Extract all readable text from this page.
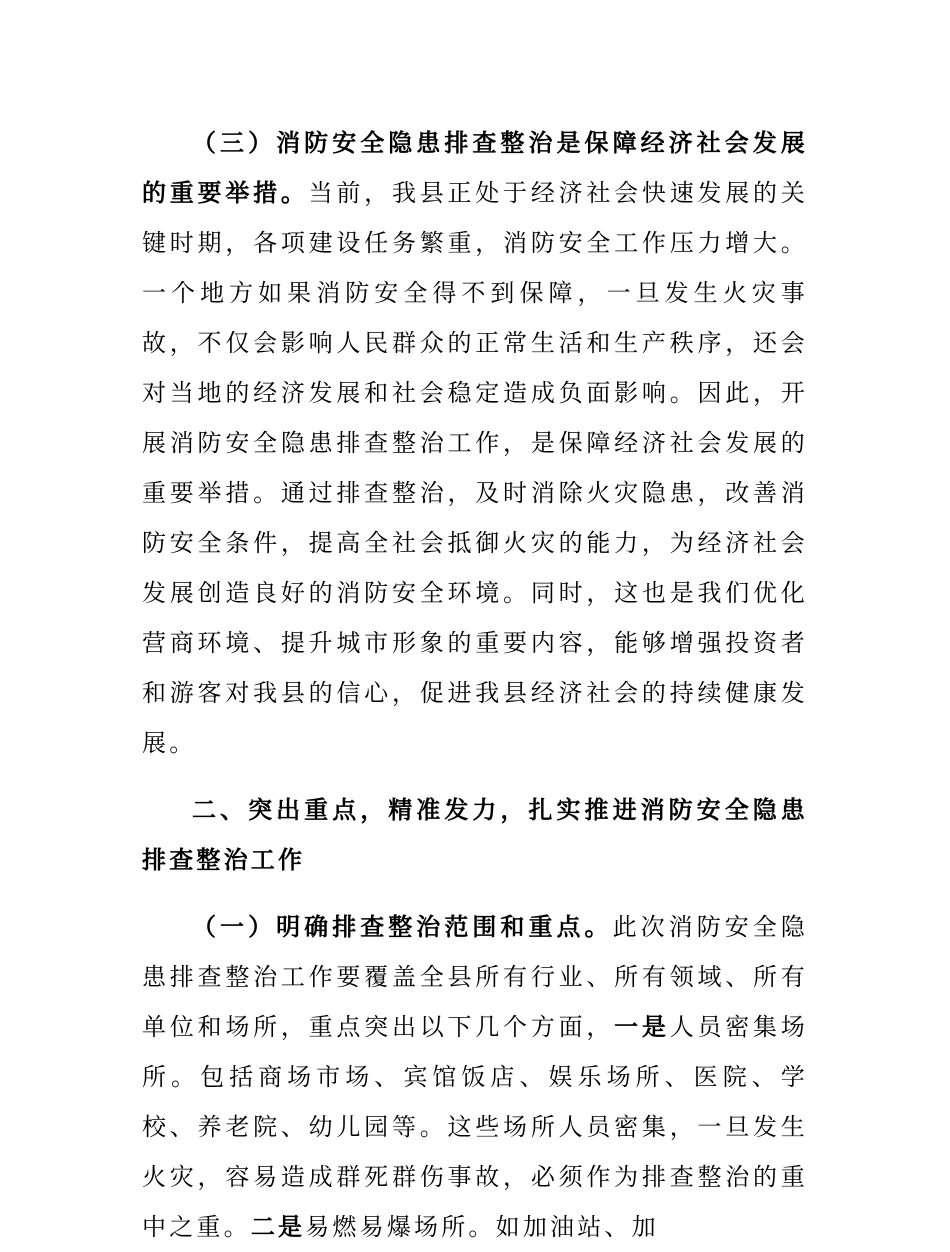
（三）消防安全隐患排查整治是保障经济社会发展的重要举措。当前，我县正处于经济社会快速发展的关键时期，各项建设任务繁重，消防安全工作压力增大。一个地方如果消防安全得不到保障，一旦发生火灾事故，不仅会影响人民群众的正常生活和生产秩序，还会对当地的经济发展和社会稳定造成负面影响。因此，开展消防安全隐患排查整治工作，是保障经济社会发展的重要举措。通过排查整治，及时消除火灾隐患，改善消防安全条件，提高全社会抵御火灾的能力，为经济社会发展创造良好的消防安全环境。同时，这也是我们优化营商环境、提升城市形象的重要内容，能够增强投资者和游客对我县的信心，促进我县经济社会的持续健康发展。

二、突出重点，精准发力，扎实推进消防安全隐患排查整治工作

（一）明确排查整治范围和重点。此次消防安全隐患排查整治工作要覆盖全县所有行业、所有领域、所有单位和场所，重点突出以下几个方面，一是人员密集场所。包括商场市场、宾馆饭店、娱乐场所、医院、学校、养老院、幼儿园等。这些场所人员密集，一旦发生火灾，容易造成群死群伤事故，必须作为排查整治的重中之重。二是易燃易爆场所。如加油站、加
